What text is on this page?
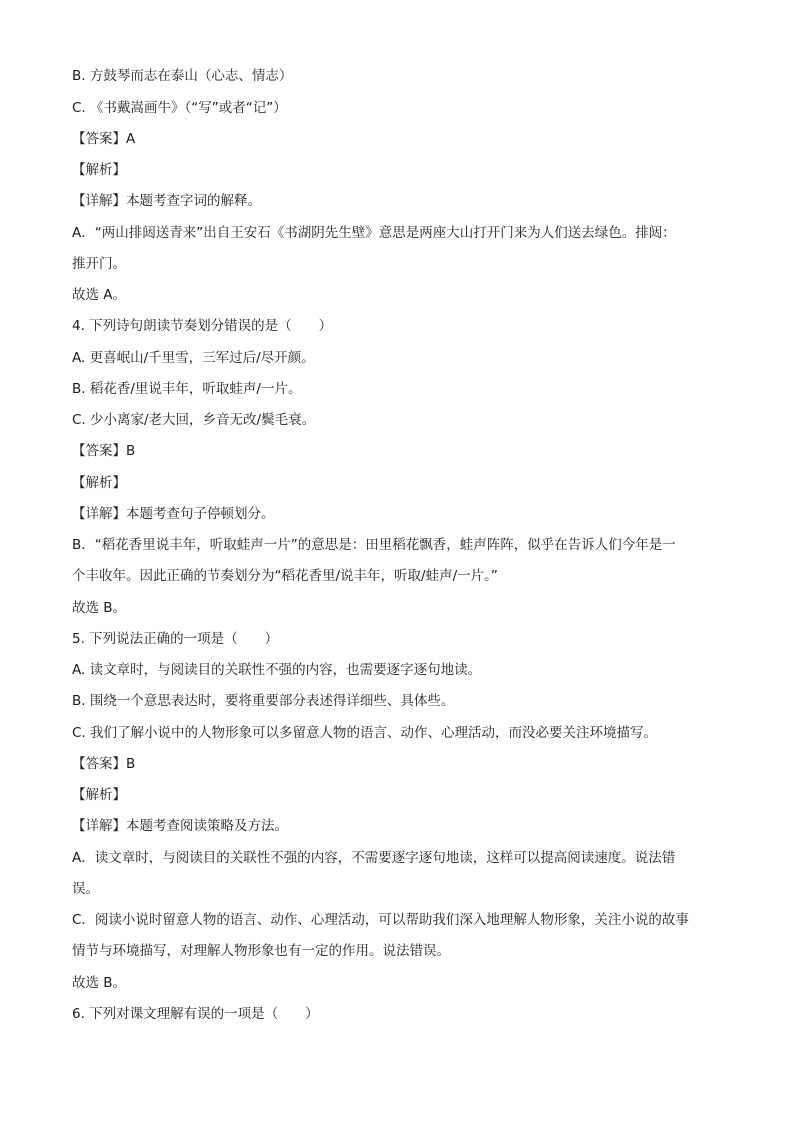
B. 方鼓琴而志在泰山（心志、情志）
C. 《书戴嵩画牛》（“写”或者“记”）
【答案】A
【解析】
【详解】本题考查字词的解释。
A．“两山排闼送青来”出自王安石《书湖阴先生壁》意思是两座大山打开门来为人们送去绿色。排闼：
推开门。
故选 A。
4. 下列诗句朗读节奏划分错误的是（　　）
A. 更喜岷山/千里雪，三军过后/尽开颜。
B. 稻花香/里说丰年，听取蛙声/一片。
C. 少小离家/老大回，乡音无改/鬓毛衰。
【答案】B
【解析】
【详解】本题考查句子停顿划分。
B．“稻花香里说丰年，听取蛙声一片”的意思是：田里稻花飘香，蛙声阵阵，似乎在告诉人们今年是一
个丰收年。因此正确的节奏划分为“稻花香里/说丰年，听取/蛙声/一片。”
故选 B。
5. 下列说法正确的一项是（　　）
A. 读文章时，与阅读目的关联性不强的内容，也需要逐字逐句地读。
B. 围绕一个意思表达时，要将重要部分表述得详细些、具体些。
C. 我们了解小说中的人物形象可以多留意人物的语言、动作、心理活动，而没必要关注环境描写。
【答案】B
【解析】
【详解】本题考查阅读策略及方法。
A．读文章时，与阅读目的关联性不强的内容，不需要逐字逐句地读，这样可以提高阅读速度。说法错
误。
C．阅读小说时留意人物的语言、动作、心理活动，可以帮助我们深入地理解人物形象，关注小说的故事
情节与环境描写，对理解人物形象也有一定的作用。说法错误。
故选 B。
6. 下列对课文理解有误的一项是（　　）
